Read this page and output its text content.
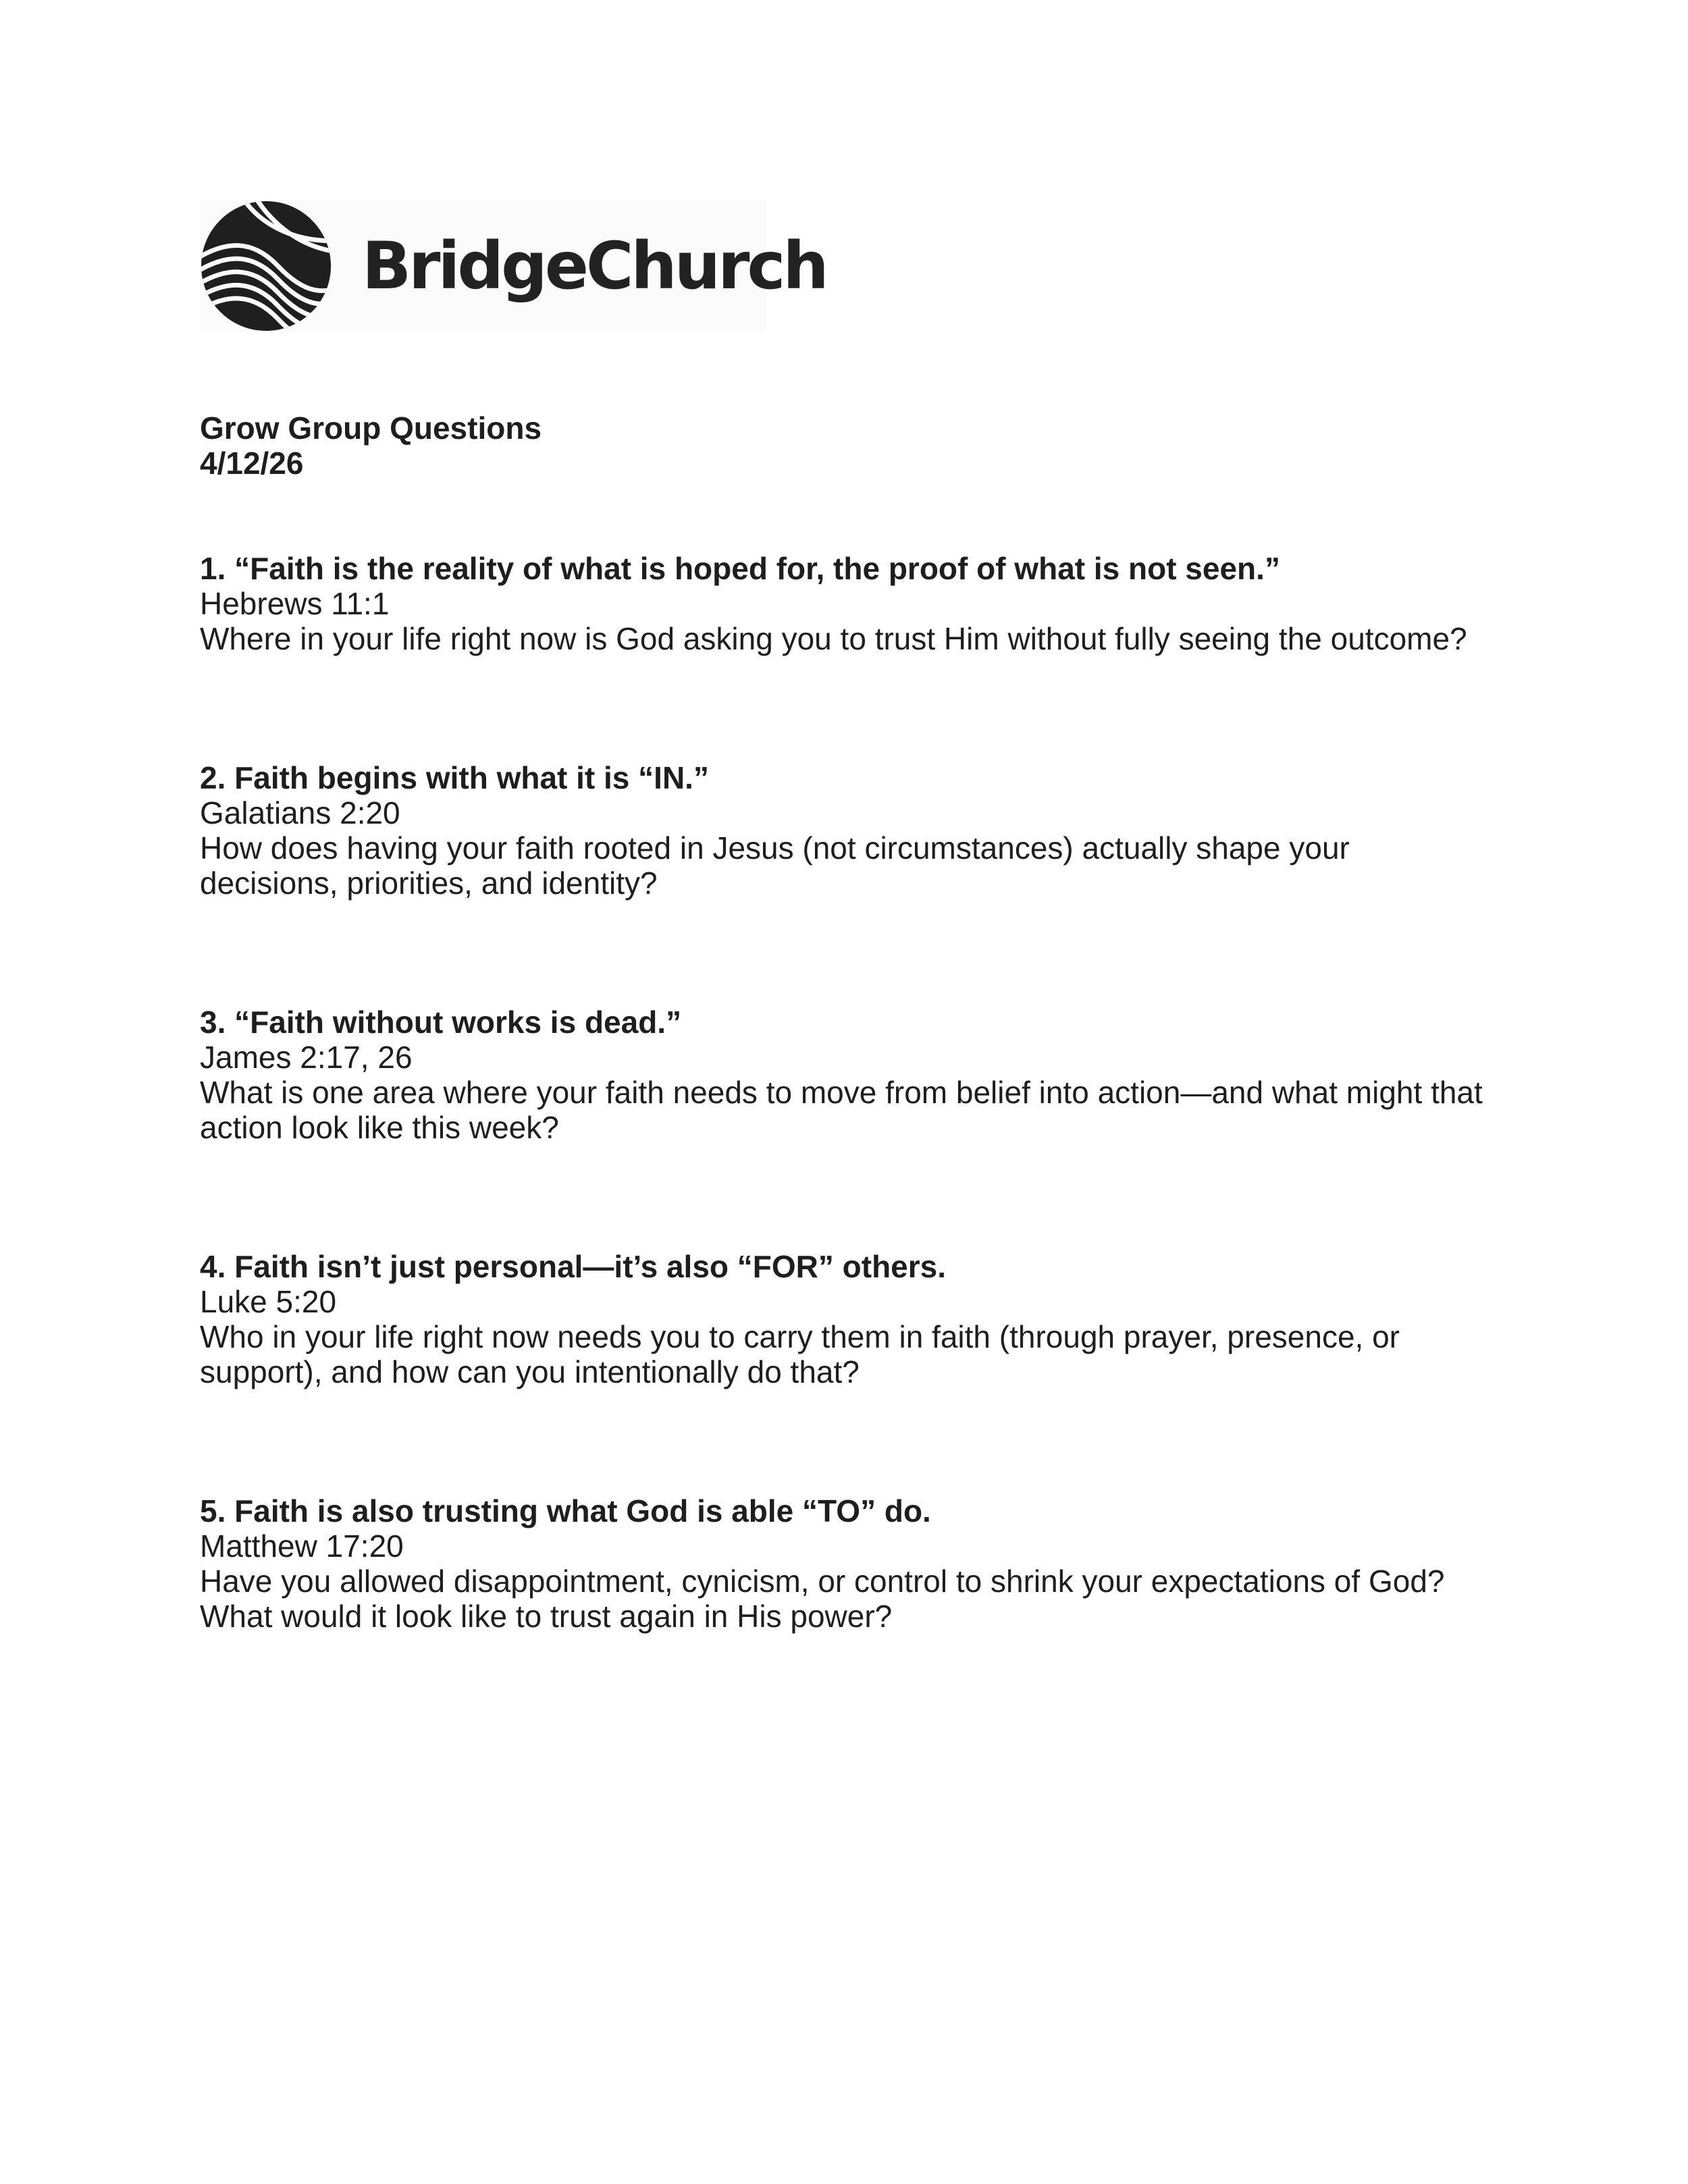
BridgeChurch
Grow Group Questions
4/12/26
1. “Faith is the reality of what is hoped for, the proof of what is not seen.”
Hebrews 11:1
Where in your life right now is God asking you to trust Him without fully seeing the outcome?
2. Faith begins with what it is “IN.”
Galatians 2:20
How does having your faith rooted in Jesus (not circumstances) actually shape your decisions, priorities, and identity?
3. “Faith without works is dead.”
James 2:17, 26
What is one area where your faith needs to move from belief into action—and what might that action look like this week?
4. Faith isn’t just personal—it’s also “FOR” others.
Luke 5:20
Who in your life right now needs you to carry them in faith (through prayer, presence, or support), and how can you intentionally do that?
5. Faith is also trusting what God is able “TO” do.
Matthew 17:20
Have you allowed disappointment, cynicism, or control to shrink your expectations of God? What would it look like to trust again in His power?
